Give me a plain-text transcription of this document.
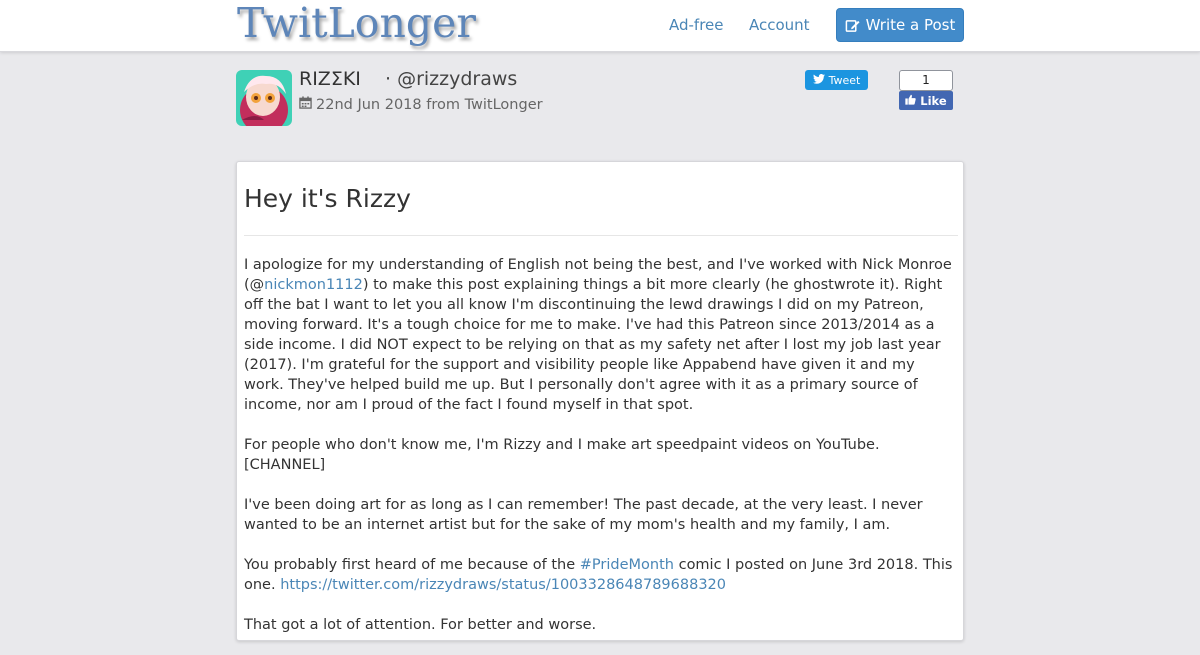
TwitLonger	Ad-free Account	Write a Post
RIZΣKI · @rizzydraws
22nd Jun 2018 from TwitLonger
Tweet	1
Like
Hey it's Rizzy

I apologize for my understanding of English not being the best, and I've worked with Nick Monroe (@nickmon1112) to make this post explaining things a bit more clearly (he ghostwrote it). Right off the bat I want to let you all know I'm discontinuing the lewd drawings I did on my Patreon, moving forward. It's a tough choice for me to make. I've had this Patreon since 2013/2014 as a side income. I did NOT expect to be relying on that as my safety net after I lost my job last year (2017). I'm grateful for the support and visibility people like Appabend have given it and my work. They've helped build me up. But I personally don't agree with it as a primary source of income, nor am I proud of the fact I found myself in that spot.

For people who don't know me, I'm Rizzy and I make art speedpaint videos on YouTube. [CHANNEL]

I've been doing art for as long as I can remember! The past decade, at the very least. I never wanted to be an internet artist but for the sake of my mom's health and my family, I am.

You probably first heard of me because of the #PrideMonth comic I posted on June 3rd 2018. This one. https://twitter.com/rizzydraws/status/1003328648789688320

That got a lot of attention. For better and worse.
